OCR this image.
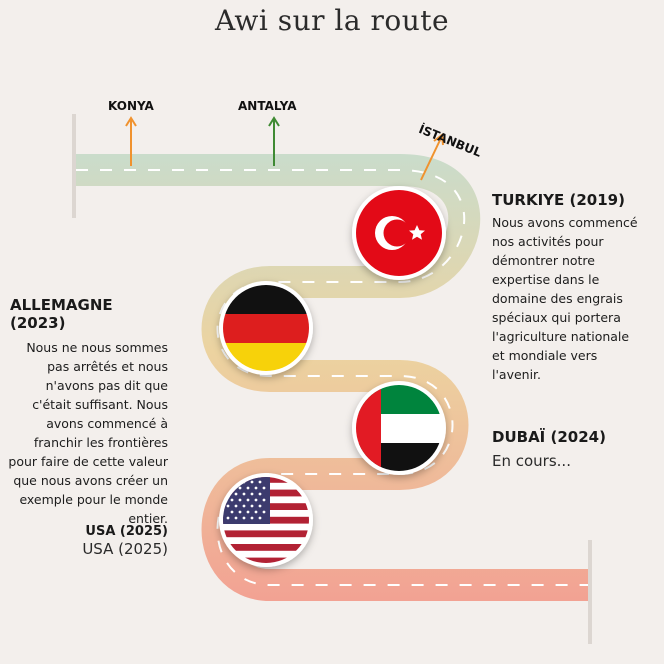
Awi sur la route
KONYA	ANTALYA
İSTANBUL
TURKIYE (2019)
Nous avons commencé nos activités pour démontrer notre expertise dans le domaine des engrais spéciaux qui portera l'agriculture nationale et mondiale vers l'avenir.
ALLEMAGNE (2023)
Nous ne nous sommes pas arrêtés et nous n'avons pas dit que c'était suffisant. Nous avons commencé à franchir les frontières pour faire de cette valeur que nous avons créer un exemple pour le monde entier.
DUBAÏ (2024)
En cours...
USA (2025)
USA (2025)
